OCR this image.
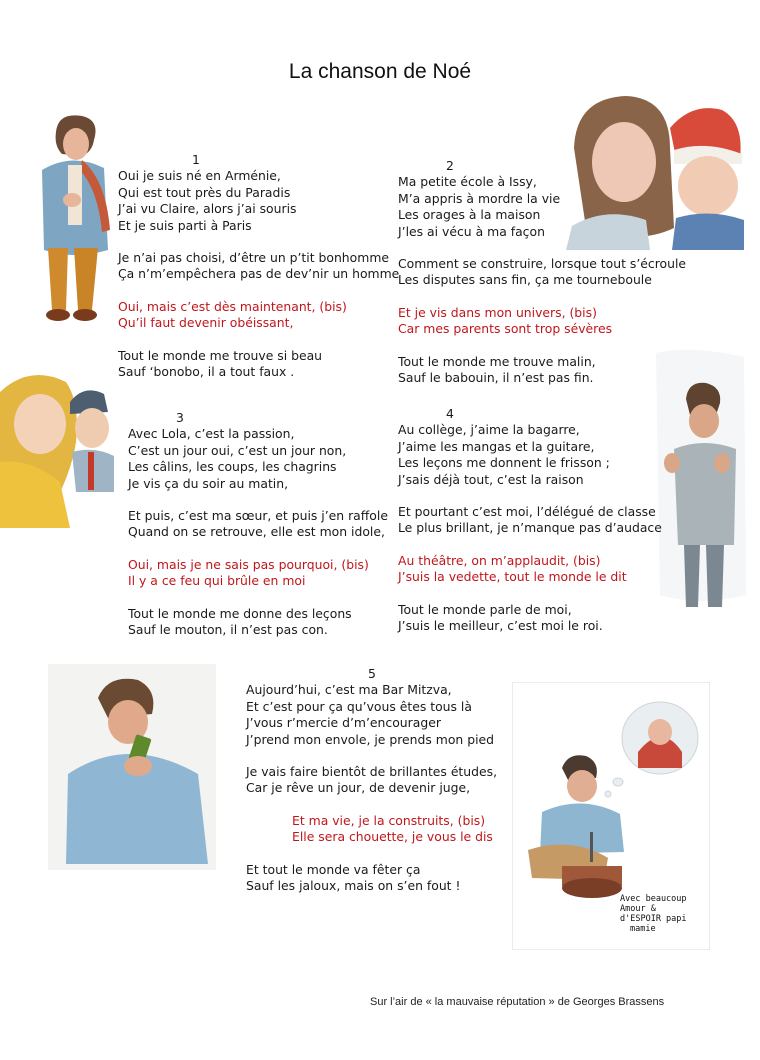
La chanson de Noé
Avec beaucoup
Amour &
d'ESPOIR papi
mamie
1
Oui je suis né en Arménie,
Qui est tout près du Paradis
J’ai vu Claire, alors j’ai souris
Et je suis parti à Paris
Je n’ai pas choisi, d’être un p’tit bonhomme
Ça n’m’empêchera pas de dev’nir un homme
Oui, mais c’est dès maintenant, (bis)
Qu’il faut devenir obéissant,
Tout le monde me trouve si beau
Sauf ‘bonobo, il a tout faux .
2
Ma petite école à Issy,
M’a appris à mordre la vie
Les orages à la maison
J’les ai vécu à ma façon
Comment se construire, lorsque tout s’écroule
Les disputes sans fin, ça me tourneboule
Et je vis dans mon univers, (bis)
Car mes parents sont trop sévères
Tout le monde me trouve malin,
Sauf le babouin, il n’est pas fin.
3
Avec Lola, c’est la passion,
C’est un jour oui, c’est un jour non,
Les câlins, les coups, les chagrins
Je vis ça du soir au matin,
Et puis, c’est ma sœur, et puis j’en raffole
Quand on se retrouve, elle est mon idole,
Oui, mais je ne sais pas pourquoi, (bis)
Il y a ce feu qui brûle en moi
Tout le monde me donne des leçons
Sauf le mouton, il n’est pas con.
4
Au collège, j’aime la bagarre,
J’aime les mangas et la guitare,
Les leçons me donnent le frisson ;
J’sais déjà tout, c’est la raison
Et pourtant c’est moi, l’délégué de classe
Le plus brillant, je n’manque pas d’audace
Au théâtre, on m’applaudit, (bis)
J’suis la vedette, tout le monde le dit
Tout le monde parle de moi,
J’suis le meilleur, c’est moi le roi.
5
Aujourd’hui, c’est ma Bar Mitzva,
Et c’est pour ça qu’vous êtes tous là
J’vous r’mercie d’m’encourager
J’prend mon envole, je prends mon pied
Je vais faire bientôt de brillantes études,
Car je rêve un jour, de devenir juge,
Et ma vie, je la construits, (bis)
Elle sera chouette, je vous le dis
Et tout le monde va fêter ça
Sauf les jaloux, mais on s’en fout !
Sur l’air de « la mauvaise réputation » de Georges Brassens
